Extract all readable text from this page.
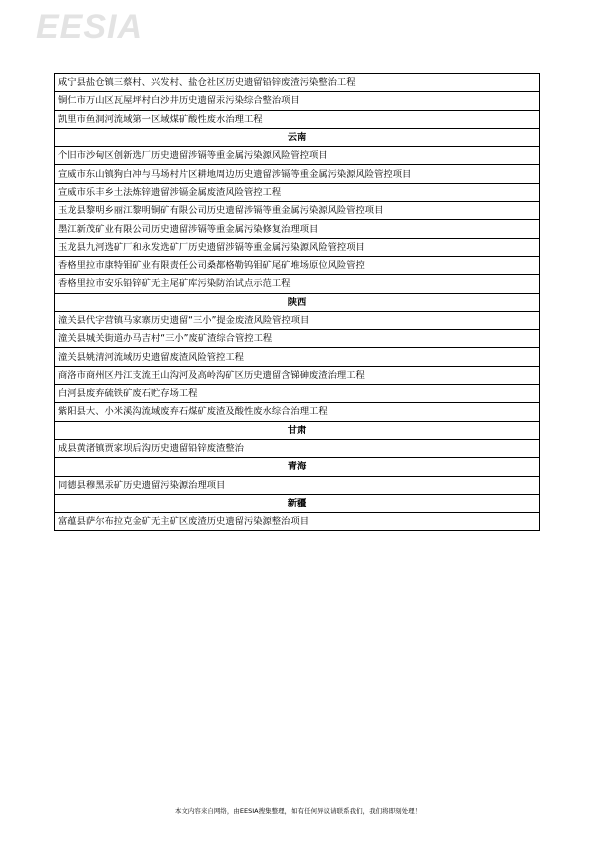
EESIA
咸宁县盐仓镇三蔡村、兴发村、盐仓社区历史遗留铅锌废渣污染整治工程
铜仁市万山区瓦屋坪村白沙井历史遗留汞污染综合整治项目
凯里市鱼洞河流域第一区域煤矿酸性废水治理工程
云南
个旧市沙甸区创新选厂历史遗留涉镉等重金属污染源风险管控项目
宣威市东山镇狗白冲与马场村片区耕地周边历史遗留涉镉等重金属污染源风险管控项目
宣威市乐丰乡土法炼锌遗留涉镉金属废渣风险管控工程
玉龙县黎明乡丽江黎明铜矿有限公司历史遗留涉镉等重金属污染源风险管控项目
墨江新茂矿业有限公司历史遗留涉镉等重金属污染修复治理项目
玉龙县九河选矿厂和永发选矿厂历史遗留涉镉等重金属污染源风险管控项目
香格里拉市康特钼矿业有限责任公司桑都格勒钨钼矿尾矿堆场原位风险管控
香格里拉市安乐铅锌矿无主尾矿库污染防治试点示范工程
陕西
潼关县代字营镇马家寨历史遗留“三小”提金废渣风险管控项目
潼关县城关街道办马吉村“三小”废矿渣综合管控工程
潼关县姚清河流域历史遗留废渣风险管控工程
商洛市商州区丹江支流王山沟河及高岭沟矿区历史遗留含锑砷废渣治理工程
白河县废弃硫铁矿废石贮存场工程
紫阳县大、小米溪沟流域废弃石煤矿废渣及酸性废水综合治理工程
甘肃
成县黄渚镇贾家坝后沟历史遗留铅锌废渣整治
青海
同德县穆黑汞矿历史遗留污染源治理项目
新疆
富蕴县萨尔布拉克金矿无主矿区废渣历史遗留污染源整治项目
本文内容来自网络，由EESIA搜集整理，如有任何异议请联系我们，我们将即刻处理！
